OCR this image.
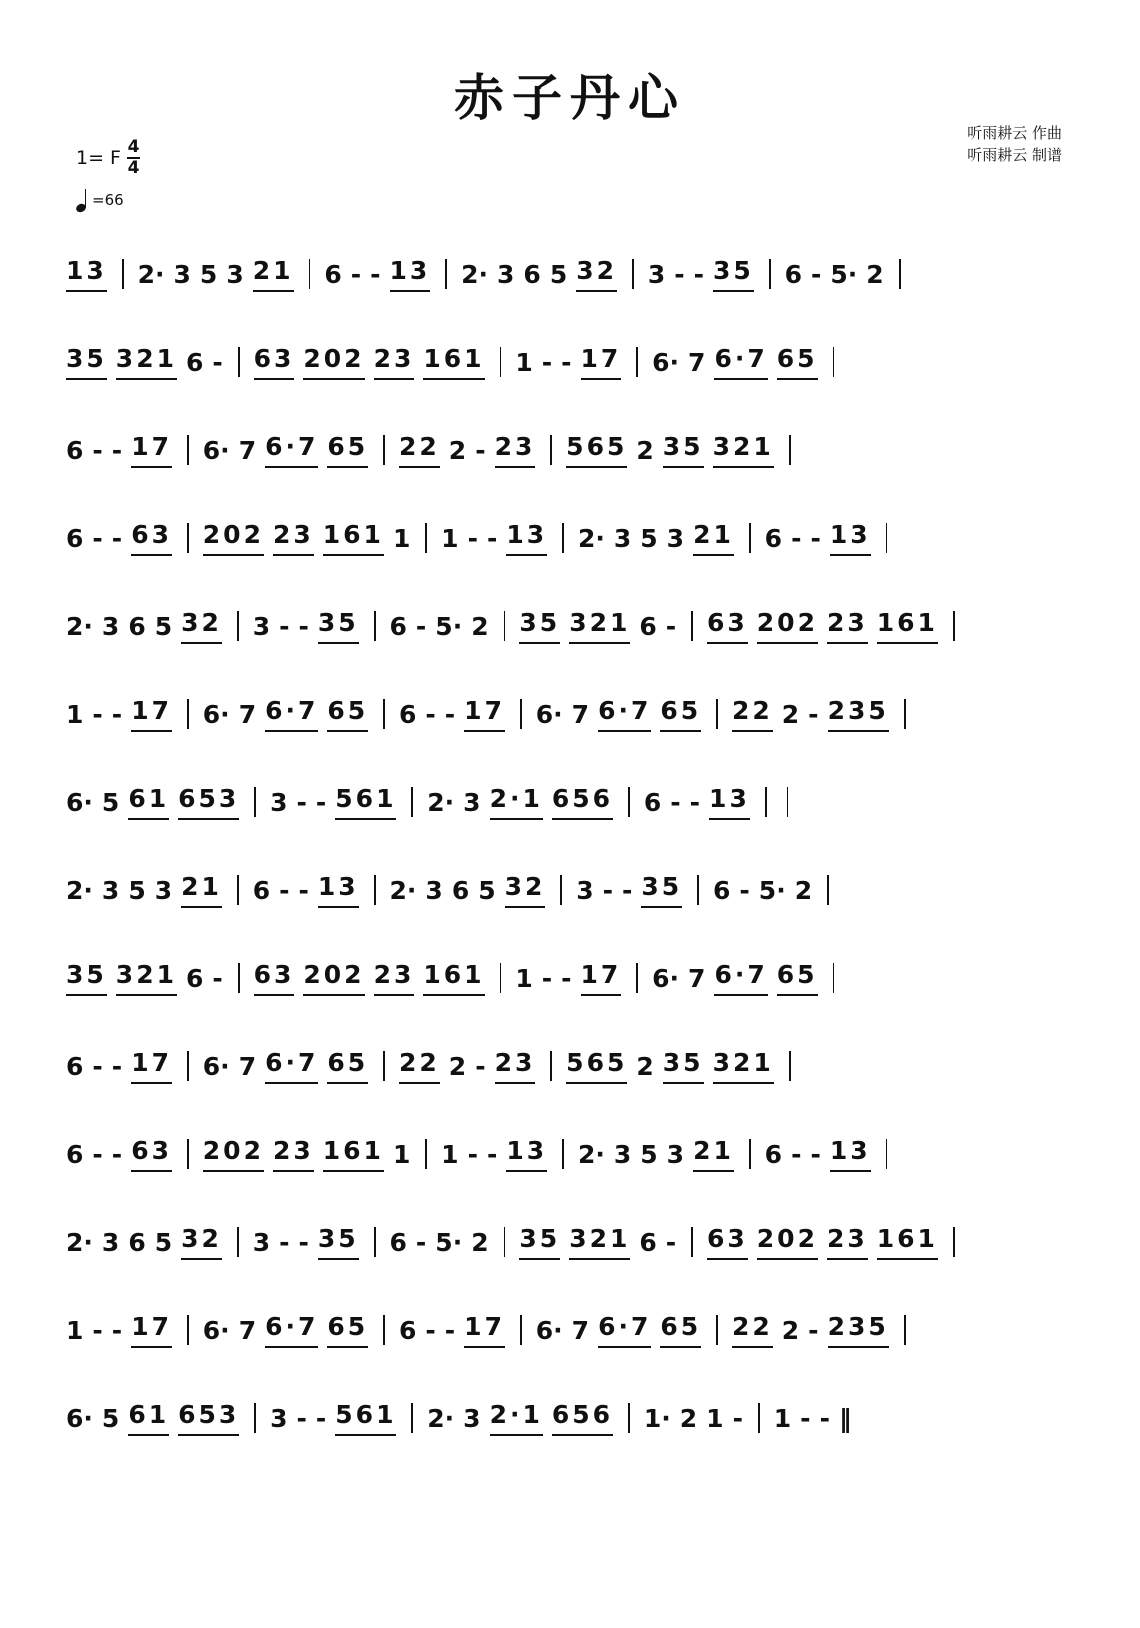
赤子丹心
听雨耕云 作曲
听雨耕云 制谱
1= F $\frac{4}{4}$
=66
13 2· 3 5 3 21 6 - - 13 2· 3 6 5 32 3 - - 35 6 - 5· 2
35 321 6 - 63 202 23 161 1 - - 17 6· 7 6·7 65
6 - - 17 6· 7 6·7 65 22 2 - 23 565 2 35 321
6 - - 63 202 23 161 1 1 - - 13 2· 3 5 3 21 6 - - 13
2· 3 6 5 32 3 - - 35 6 - 5· 2 35 321 6 - 63 202 23 161
1 - - 17 6· 7 6·7 65 6 - - 17 6· 7 6·7 65 22 2 - 235
6· 5 61 653 3 - - 561 2· 3 2·1 656 6 - - 13
2· 3 5 3 21 6 - - 13 2· 3 6 5 32 3 - - 35 6 - 5· 2
35 321 6 - 63 202 23 161 1 - - 17 6· 7 6·7 65
6 - - 17 6· 7 6·7 65 22 2 - 23 565 2 35 321
6 - - 63 202 23 161 1 1 - - 13 2· 3 5 3 21 6 - - 13
2· 3 6 5 32 3 - - 35 6 - 5· 2 35 321 6 - 63 202 23 161
1 - - 17 6· 7 6·7 65 6 - - 17 6· 7 6·7 65 22 2 - 235
6· 5 61 653 3 - - 561 2· 3 2·1 656 1· 2 1 - 1 - - ‖
